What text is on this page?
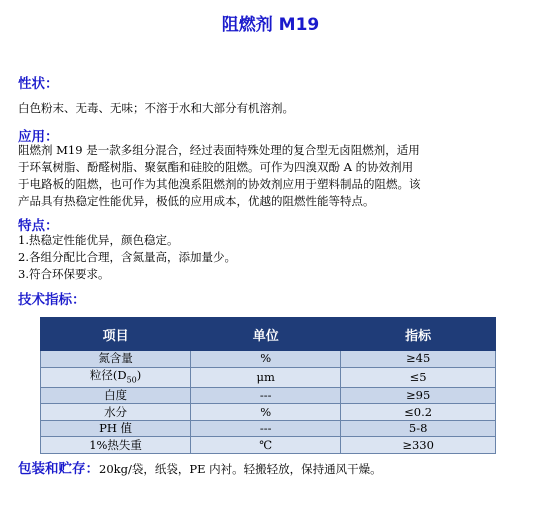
阻燃剂 M19
性状：
白色粉末、无毒、无味；不溶于水和大部分有机溶剂。
应用：
阻燃剂 M19 是一款多组分混合，经过表面特殊处理的复合型无卤阻燃剂，适用
于环氧树脂、酚醛树脂、聚氨酯和硅胶的阻燃。可作为四溴双酚 A 的协效剂用
于电路板的阻燃，也可作为其他溴系阻燃剂的协效剂应用于塑料制品的阻燃。该
产品具有热稳定性能优异，极低的应用成本，优越的阻燃性能等特点。
特点：
1.热稳定性能优异，颜色稳定。
2.各组分配比合理，含氮量高，添加量少。
3.符合环保要求。
技术指标：
项目	单位	指标
氮含量	%	≥45
粒径$(D_{50})$	μm	≤5
白度	---	≥95
水分	%	≤0.2
PH 值	---	5-8
1%热失重	℃	≥330
包装和贮存：20kg/袋，纸袋，PE 内衬。轻搬轻放，保持通风干燥。
